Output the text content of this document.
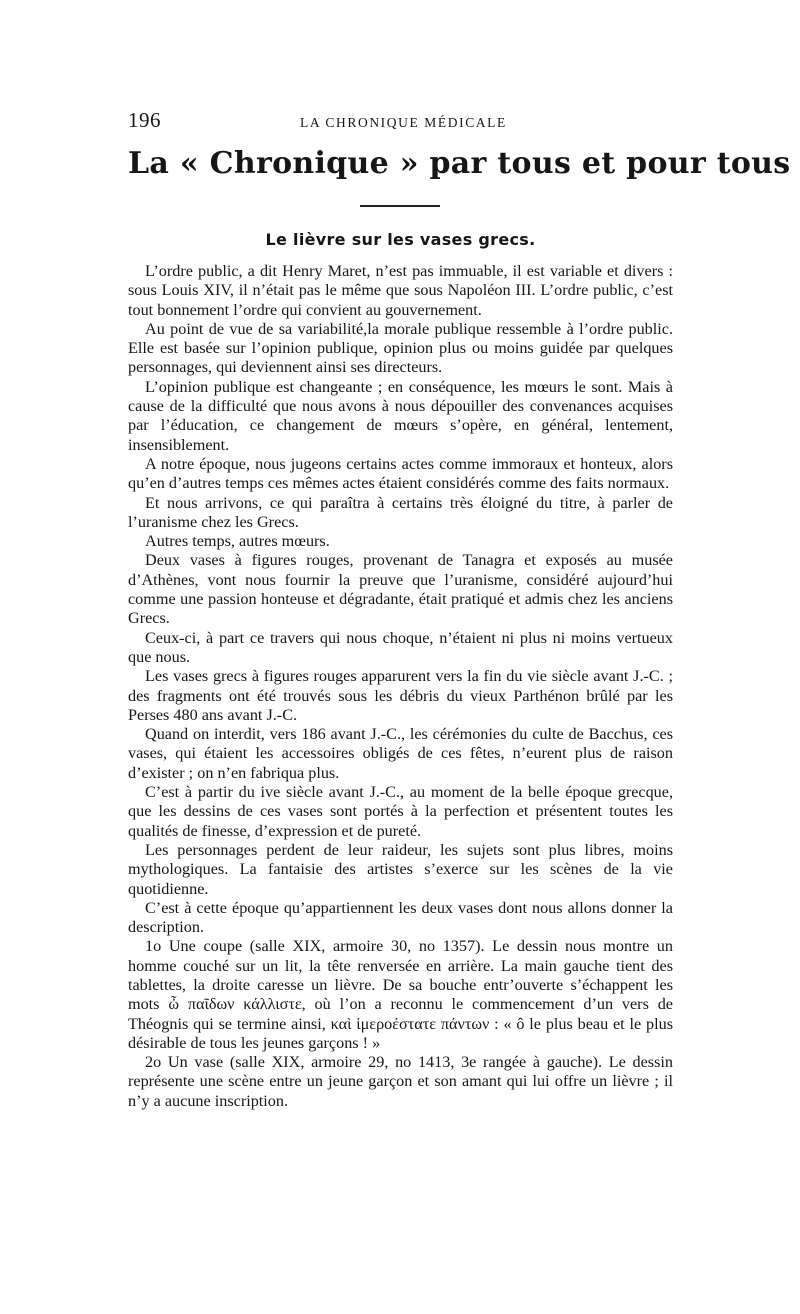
196	LA CHRONIQUE MÉDICALE
La « Chronique » par tous et pour tous
Le lièvre sur les vases grecs.

L’ordre public, a dit Henry Maret, n’est pas immuable, il est variable et divers : sous Louis XIV, il n’était pas le même que sous Napoléon III. L’ordre public, c’est tout bonnement l’ordre qui convient au gouvernement.

Au point de vue de sa variabilité,la morale publique ressemble à l’ordre public. Elle est basée sur l’opinion publique, opinion plus ou moins guidée par quelques personnages, qui deviennent ainsi ses directeurs.

L’opinion publique est changeante ; en conséquence, les mœurs le sont. Mais à cause de la difficulté que nous avons à nous dépouiller des convenances acquises par l’éducation, ce changement de mœurs s’opère, en général, lentement, insensiblement.

A notre époque, nous jugeons certains actes comme immoraux et honteux, alors qu’en d’autres temps ces mêmes actes étaient considérés comme des faits normaux.

Et nous arrivons, ce qui paraîtra à certains très éloigné du titre, à parler de l’uranisme chez les Grecs.

Autres temps, autres mœurs.

Deux vases à figures rouges, provenant de Tanagra et exposés au musée d’Athènes, vont nous fournir la preuve que l’uranisme, considéré aujourd’hui comme une passion honteuse et dégradante, était pratiqué et admis chez les anciens Grecs.

Ceux-ci, à part ce travers qui nous choque, n’étaient ni plus ni moins vertueux que nous.

Les vases grecs à figures rouges apparurent vers la fin du vie siècle avant J.-C. ; des fragments ont été trouvés sous les débris du vieux Parthénon brûlé par les Perses 480 ans avant J.-C.

Quand on interdit, vers 186 avant J.-C., les cérémonies du culte de Bacchus, ces vases, qui étaient les accessoires obligés de ces fêtes, n’eurent plus de raison d’exister ; on n’en fabriqua plus.

C’est à partir du ive siècle avant J.-C., au moment de la belle époque grecque, que les dessins de ces vases sont portés à la perfection et présentent toutes les qualités de finesse, d’expression et de pureté.

Les personnages perdent de leur raideur, les sujets sont plus libres, moins mythologiques. La fantaisie des artistes s’exerce sur les scènes de la vie quotidienne.

C’est à cette époque qu’appartiennent les deux vases dont nous allons donner la description.

1o Une coupe (salle XIX, armoire 30, no 1357). Le dessin nous montre un homme couché sur un lit, la tête renversée en arrière. La main gauche tient des tablettes, la droite caresse un lièvre. De sa bouche entr’ouverte s’échappent les mots ὦ παῖδων κάλλιστε, où l’on a reconnu le commencement d’un vers de Théognis qui se termine ainsi, καὶ ἱμεροέστατε πάντων : « ô le plus beau et le plus désirable de tous les jeunes garçons ! »

2o Un vase (salle XIX, armoire 29, no 1413, 3e rangée à gauche). Le dessin représente une scène entre un jeune garçon et son amant qui lui offre un lièvre ; il n’y a aucune inscription.
